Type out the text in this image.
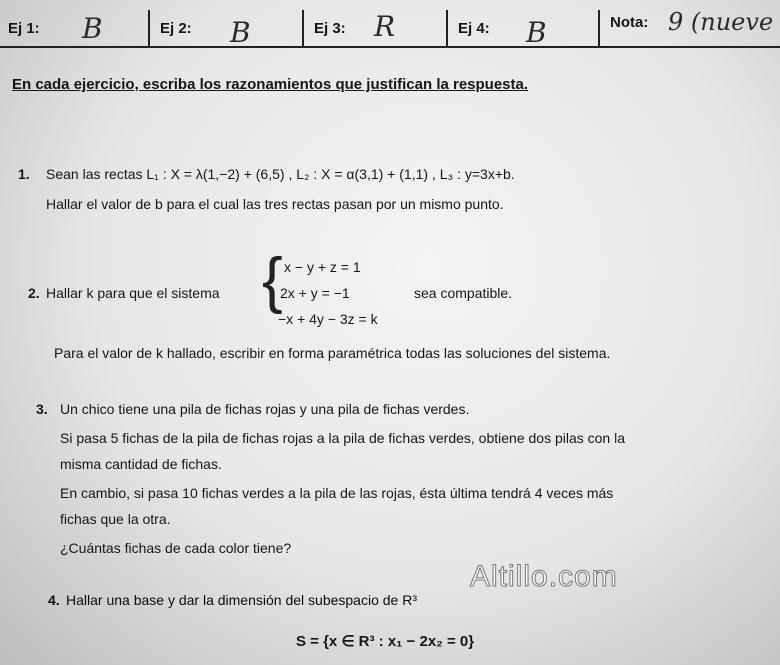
Ej 1: B	Ej 2: B	Ej 3: R	Ej 4: B	Nota: 9 (nueve
En cada ejercicio, escriba los razonamientos que justifican la respuesta.
1. Sean las rectas L₁ : X = λ(1,−2) + (6,5) , L₂ : X = α(3,1) + (1,1) , L₃ : y=3x+b.
Hallar el valor de b para el cual las tres rectas pasan por un mismo punto.
2. Hallar k para que el sistema { x − y + z = 1
2x + y = −1
−x + 4y − 3z = k
sea compatible.
Para el valor de k hallado, escribir en forma paramétrica todas las soluciones del sistema.
3. Un chico tiene una pila de fichas rojas y una pila de fichas verdes.
Si pasa 5 fichas de la pila de fichas rojas a la pila de fichas verdes, obtiene dos pilas con la
misma cantidad de fichas.
En cambio, si pasa 10 fichas verdes a la pila de las rojas, ésta última tendrá 4 veces más
fichas que la otra.
¿Cuántas fichas de cada color tiene?
Altillo.com
4. Hallar una base y dar la dimensión del subespacio de R³
S = {x ∈ R³ : x₁ − 2x₂ = 0}
